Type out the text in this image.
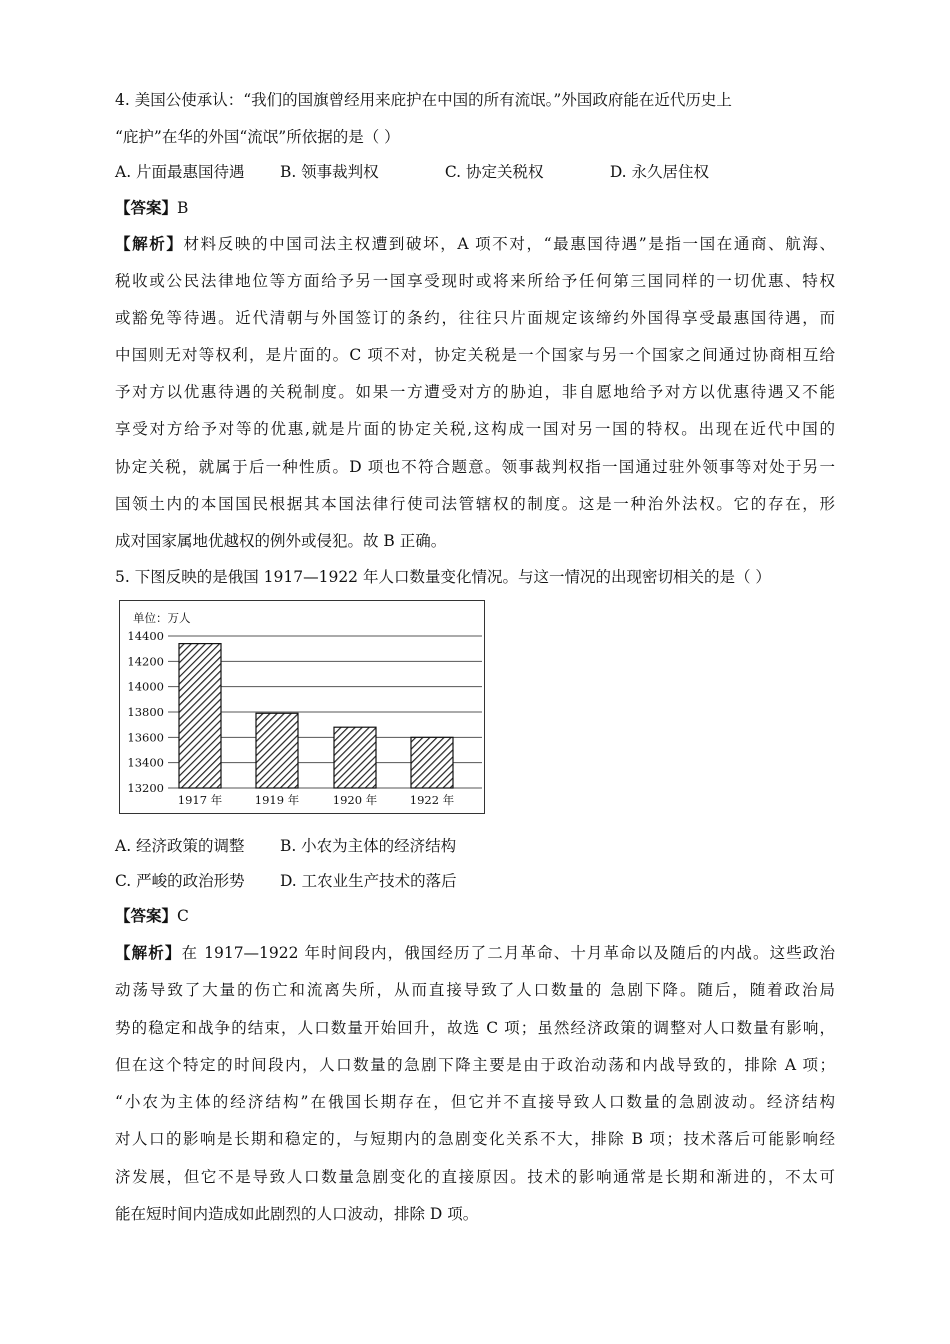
4. 美国公使承认：“我们的国旗曾经用来庇护在中国的所有流氓。”外国政府能在近代历史上
“庇护”在华的外国“流氓”所依据的是（ ）
A. 片面最惠国待遇 B. 领事裁判权	C. 协定关税权	D. 永久居住权
【答案】B
【解析】材料反映的中国司法主权遭到破坏，A 项不对，“最惠国待遇”是指一国在通商、航海、
税收或公民法律地位等方面给予另一国享受现时或将来所给予任何第三国同样的一切优惠、特权
或豁免等待遇。近代清朝与外国签订的条约，往往只片面规定该缔约外国得享受最惠国待遇，而
中国则无对等权利，是片面的。C 项不对，协定关税是一个国家与另一个国家之间通过协商相互给
予对方以优惠待遇的关税制度。如果一方遭受对方的胁迫，非自愿地给予对方以优惠待遇又不能
享受对方给予对等的优惠,就是片面的协定关税,这构成一国对另一国的特权。出现在近代中国的
协定关税，就属于后一种性质。D 项也不符合题意。领事裁判权指一国通过驻外领事等对处于另一
国领土内的本国国民根据其本国法律行使司法管辖权的制度。这是一种治外法权。它的存在，形
成对国家属地优越权的例外或侵犯。故 B 正确。
5. 下图反映的是俄国 1917—1922 年人口数量变化情况。与这一情况的出现密切相关的是（ ）
单位：万人
14400
14200
14000
13800
13600
13400
13200
1917 年	1919 年	1920 年	1922 年
A. 经济政策的调整 B. 小农为主体的经济结构
C. 严峻的政治形势 D. 工农业生产技术的落后
【答案】C
【解析】在 1917—1922 年时间段内，俄国经历了二月革命、十月革命以及随后的内战。这些政治
动荡导致了大量的伤亡和流离失所，从而直接导致了人口数量的 急剧下降。随后，随着政治局
势的稳定和战争的结束，人口数量开始回升，故选 C 项；虽然经济政策的调整对人口数量有影响，
但在这个特定的时间段内，人口数量的急剧下降主要是由于政治动荡和内战导致的，排除 A 项；
“小农为主体的经济结构”在俄国长期存在，但它并不直接导致人口数量的急剧波动。经济结构
对人口的影响是长期和稳定的，与短期内的急剧变化关系不大，排除 B 项；技术落后可能影响经
济发展，但它不是导致人口数量急剧变化的直接原因。技术的影响通常是长期和渐进的，不太可
能在短时间内造成如此剧烈的人口波动，排除 D 项。
